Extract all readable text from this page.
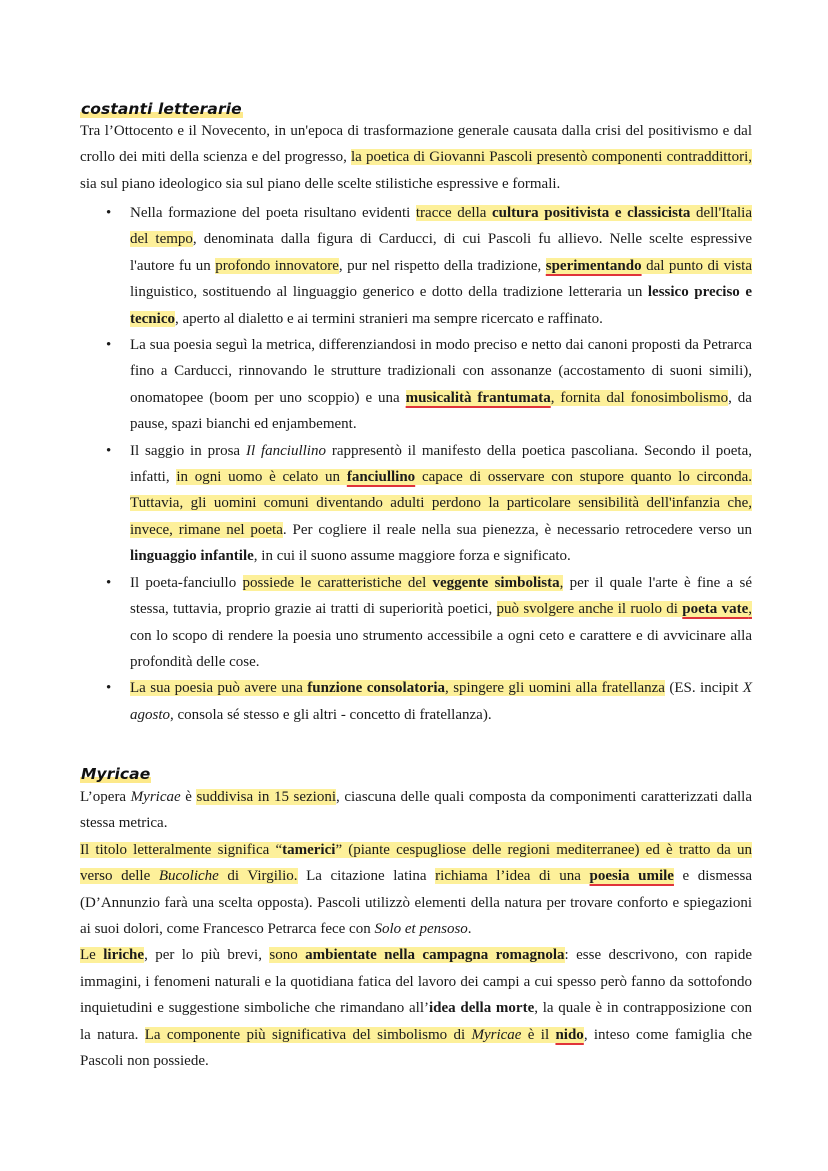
costanti letterarie
Tra l’Ottocento e il Novecento, in un'epoca di trasformazione generale causata dalla crisi del positivismo e dal crollo dei miti della scienza e del progresso, la poetica di Giovanni Pascoli presentò componenti contraddittori, sia sul piano ideologico sia sul piano delle scelte stilistiche espressive e formali.
• Nella formazione del poeta risultano evidenti tracce della cultura positivista e classicista dell'Italia del tempo, denominata dalla figura di Carducci, di cui Pascoli fu allievo. Nelle scelte espressive l'autore fu un profondo innovatore, pur nel rispetto della tradizione, sperimentando dal punto di vista linguistico, sostituendo al linguaggio generico e dotto della tradizione letteraria un lessico preciso e tecnico, aperto al dialetto e ai termini stranieri ma sempre ricercato e raffinato.
• La sua poesia seguì la metrica, differenziandosi in modo preciso e netto dai canoni proposti da Petrarca fino a Carducci, rinnovando le strutture tradizionali con assonanze (accostamento di suoni simili), onomatopee (boom per uno scoppio) e una musicalità frantumata, fornita dal fonosimbolismo, da pause, spazi bianchi ed enjambement.
• Il saggio in prosa Il fanciullino rappresentò il manifesto della poetica pascoliana. Secondo il poeta, infatti, in ogni uomo è celato un fanciullino capace di osservare con stupore quanto lo circonda. Tuttavia, gli uomini comuni diventando adulti perdono la particolare sensibilità dell'infanzia che, invece, rimane nel poeta. Per cogliere il reale nella sua pienezza, è necessario retrocedere verso un linguaggio infantile, in cui il suono assume maggiore forza e significato.
• Il poeta-fanciullo possiede le caratteristiche del veggente simbolista, per il quale l'arte è fine a sé stessa, tuttavia, proprio grazie ai tratti di superiorità poetici, può svolgere anche il ruolo di poeta vate, con lo scopo di rendere la poesia uno strumento accessibile a ogni ceto e carattere e di avvicinare alla profondità delle cose.
• La sua poesia può avere una funzione consolatoria, spingere gli uomini alla fratellanza (ES. incipit X agosto, consola sé stesso e gli altri - concetto di fratellanza).
Myricae
L’opera Myricae è suddivisa in 15 sezioni, ciascuna delle quali composta da componimenti caratterizzati dalla stessa metrica.
Il titolo letteralmente significa “tamerici” (piante cespugliose delle regioni mediterranee) ed è tratto da un verso delle Bucoliche di Virgilio. La citazione latina richiama l’idea di una poesia umile e dismessa (D’Annunzio farà una scelta opposta). Pascoli utilizzò elementi della natura per trovare conforto e spiegazioni ai suoi dolori, come Francesco Petrarca fece con Solo et pensoso.
Le liriche, per lo più brevi, sono ambientate nella campagna romagnola: esse descrivono, con rapide immagini, i fenomeni naturali e la quotidiana fatica del lavoro dei campi a cui spesso però fanno da sottofondo inquietudini e suggestione simboliche che rimandano all’idea della morte, la quale è in contrapposizione con la natura. La componente più significativa del simbolismo di Myricae è il nido, inteso come famiglia che Pascoli non possiede.
